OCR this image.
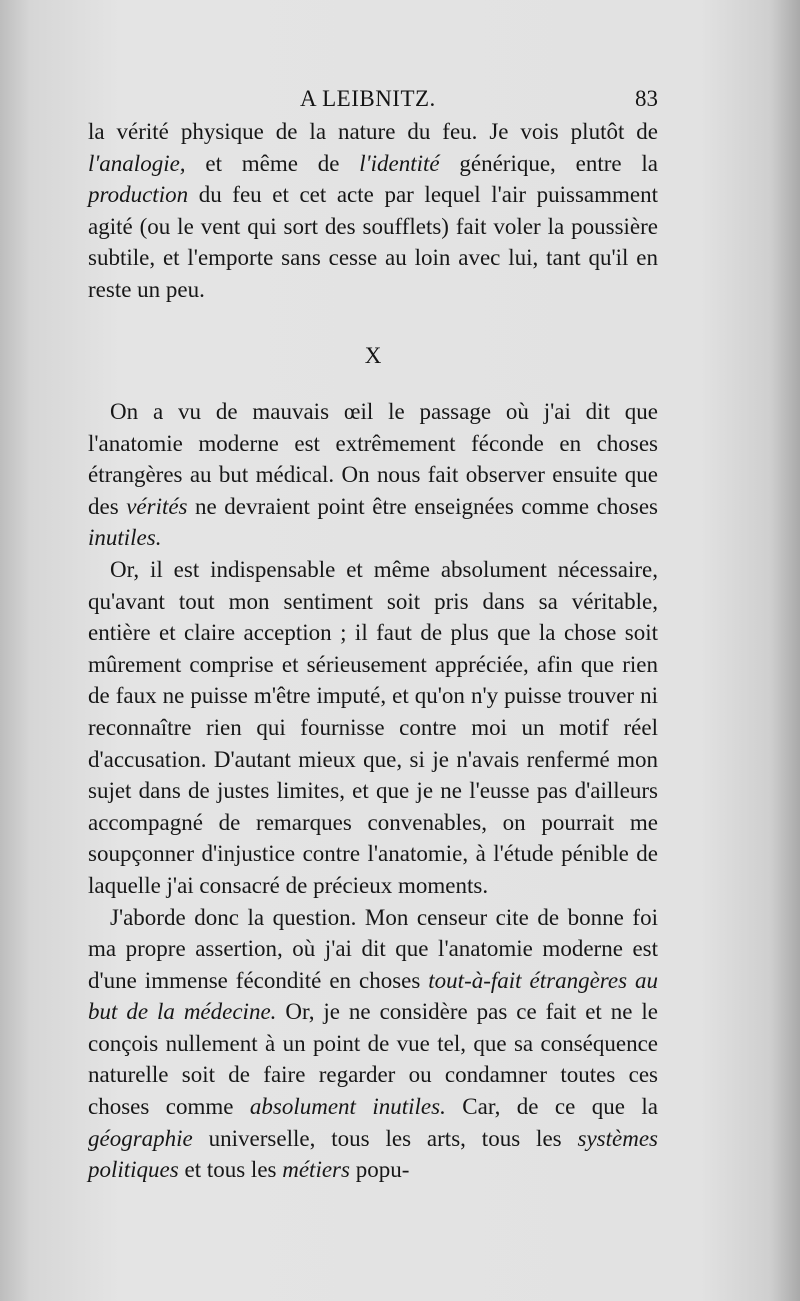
A LEIBNITZ.	83

la vérité physique de la nature du feu. Je vois plutôt de l'analogie, et même de l'identité générique, entre la production du feu et cet acte par lequel l'air puissamment agité (ou le vent qui sort des soufflets) fait voler la poussière subtile, et l'emporte sans cesse au loin avec lui, tant qu'il en reste un peu.

X

On a vu de mauvais œil le passage où j'ai dit que l'anatomie moderne est extrêmement féconde en choses étrangères au but médical. On nous fait observer ensuite que des vérités ne devraient point être enseignées comme choses inutiles.

Or, il est indispensable et même absolument nécessaire, qu'avant tout mon sentiment soit pris dans sa véritable, entière et claire acception ; il faut de plus que la chose soit mûrement comprise et sérieusement appréciée, afin que rien de faux ne puisse m'être imputé, et qu'on n'y puisse trouver ni reconnaître rien qui fournisse contre moi un motif réel d'accusation. D'autant mieux que, si je n'avais renfermé mon sujet dans de justes limites, et que je ne l'eusse pas d'ailleurs accompagné de remarques convenables, on pourrait me soupçonner d'injustice contre l'anatomie, à l'étude pénible de laquelle j'ai consacré de précieux moments.

J'aborde donc la question. Mon censeur cite de bonne foi ma propre assertion, où j'ai dit que l'anatomie moderne est d'une immense fécondité en choses tout-à-fait étrangères au but de la médecine. Or, je ne considère pas ce fait et ne le conçois nullement à un point de vue tel, que sa conséquence naturelle soit de faire regarder ou condamner toutes ces choses comme absolument inutiles. Car, de ce que la géographie universelle, tous les arts, tous les systèmes politiques et tous les métiers popu-
